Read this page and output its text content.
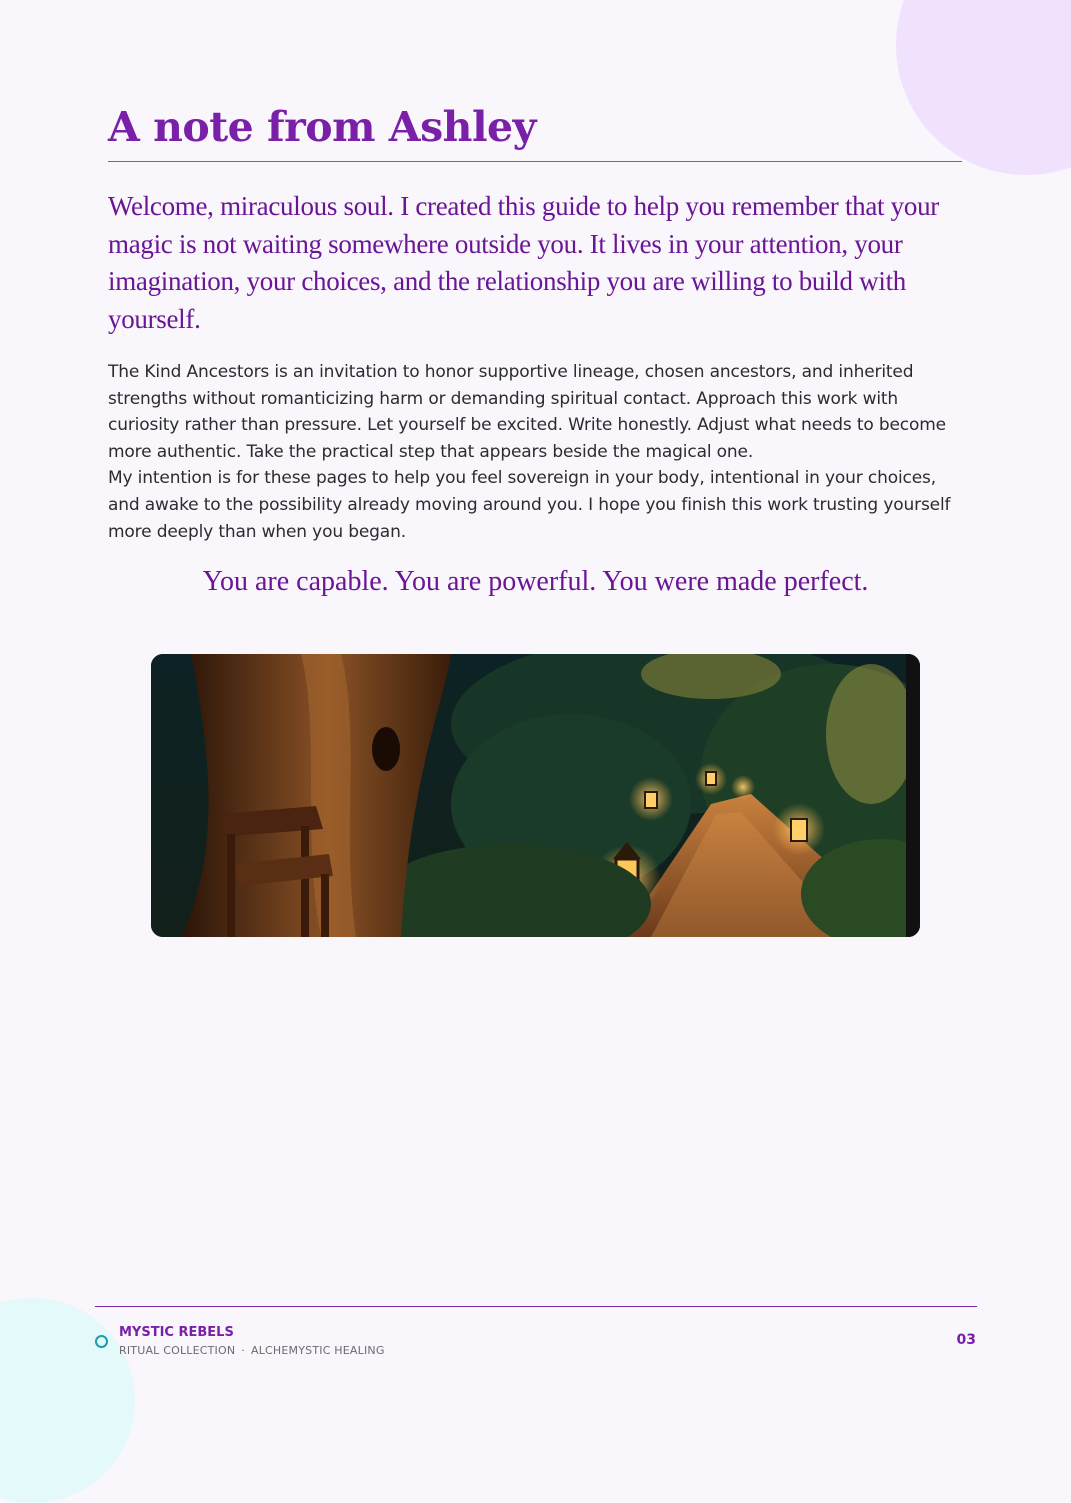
A note from Ashley

Welcome, miraculous soul. I created this guide to help you remember that your magic is not waiting somewhere outside you. It lives in your attention, your imagination, your choices, and the relationship you are willing to build with yourself.

The Kind Ancestors is an invitation to honor supportive lineage, chosen ancestors, and inherited strengths without romanticizing harm or demanding spiritual contact. Approach this work with curiosity rather than pressure. Let yourself be excited. Write honestly. Adjust what needs to become more authentic. Take the practical step that appears beside the magical one.

My intention is for these pages to help you feel sovereign in your body, intentional in your choices, and awake to the possibility already moving around you. I hope you finish this work trusting yourself more deeply than when you began.

You are capable. You are powerful. You were made perfect.

MYSTIC REBELS
RITUAL COLLECTION · ALCHEMYSTIC HEALING
03
